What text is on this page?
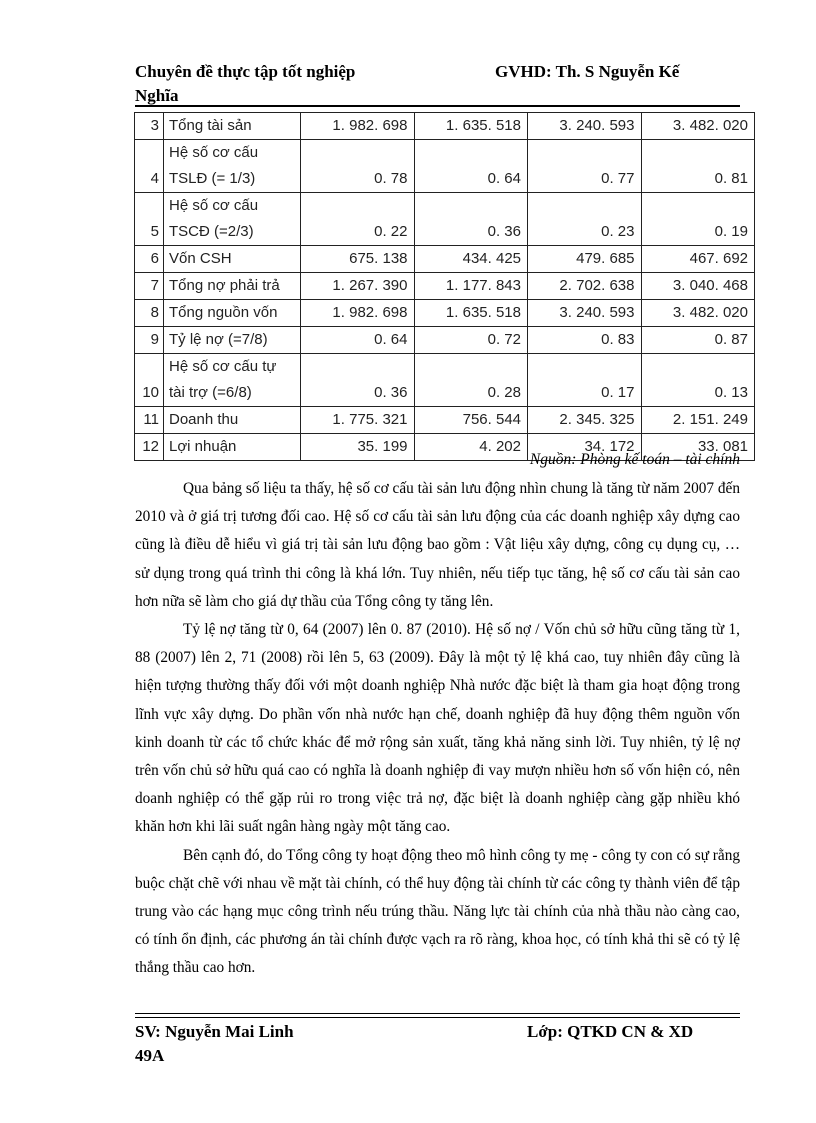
Chuyên đề thực tập tốt nghiệp	GVHD: Th. S Nguyễn Kế
Nghĩa
3	Tổng tài sản	1. 982. 698	1. 635. 518	3. 240. 593	3. 482. 020
4	Hệ số cơ cấu
TSLĐ (= 1/3)	0. 78	0. 64	0. 77	0. 81
5	Hệ số cơ cấu
TSCĐ (=2/3)	0. 22	0. 36	0. 23	0. 19
6	Vốn CSH	675. 138	434. 425	479. 685	467. 692
7	Tổng nợ phải trả	1. 267. 390	1. 177. 843	2. 702. 638	3. 040. 468
8	Tổng nguồn vốn	1. 982. 698	1. 635. 518	3. 240. 593	3. 482. 020
9	Tỷ lệ nợ (=7/8)	0. 64	0. 72	0. 83	0. 87
10	Hệ số cơ cấu tự
tài trợ (=6/8)	0. 36	0. 28	0. 17	0. 13
11	Doanh thu	1. 775. 321	756. 544	2. 345. 325	2. 151. 249
12	Lợi nhuận	35. 199	4. 202	34. 172	33. 081
Nguồn: Phòng kế toán – tài chính

Qua bảng số liệu ta thấy, hệ số cơ cấu tài sản lưu động nhìn chung là tăng từ năm 2007 đến 2010 và ở giá trị tương đối cao. Hệ số cơ cấu tài sản lưu động của các doanh nghiệp xây dựng cao cũng là điều dễ hiểu vì giá trị tài sản lưu động bao gồm : Vật liệu xây dựng, công cụ dụng cụ, … sử dụng trong quá trình thi công là khá lớn. Tuy nhiên, nếu tiếp tục tăng, hệ số cơ cấu tài sản cao hơn nữa sẽ làm cho giá dự thầu của Tổng công ty tăng lên.

Tỷ lệ nợ tăng từ 0, 64 (2007) lên 0. 87 (2010). Hệ số nợ / Vốn chủ sở hữu cũng tăng từ 1, 88 (2007) lên 2, 71 (2008) rồi lên 5, 63 (2009). Đây là một tỷ lệ khá cao, tuy nhiên đây cũng là hiện tượng thường thấy đối với một doanh nghiệp Nhà nước đặc biệt là tham gia hoạt động trong lĩnh vực xây dựng. Do phần vốn nhà nước hạn chế, doanh nghiệp đã huy động thêm nguồn vốn kinh doanh từ các tổ chức khác để mở rộng sản xuất, tăng khả năng sinh lời. Tuy nhiên, tỷ lệ nợ trên vốn chủ sở hữu quá cao có nghĩa là doanh nghiệp đi vay mượn nhiều hơn số vốn hiện có, nên doanh nghiệp có thể gặp rủi ro trong việc trả nợ, đặc biệt là doanh nghiệp càng gặp nhiều khó khăn hơn khi lãi suất ngân hàng ngày một tăng cao.

Bên cạnh đó, do Tổng công ty hoạt động theo mô hình công ty mẹ - công ty con có sự rằng buộc chặt chẽ với nhau về mặt tài chính, có thể huy động tài chính từ các công ty thành viên để tập trung vào các hạng mục công trình nếu trúng thầu. Năng lực tài chính của nhà thầu nào càng cao, có tính ổn định, các phương án tài chính được vạch ra rõ ràng, khoa học, có tính khả thi sẽ có tỷ lệ thắng thầu cao hơn.

SV: Nguyễn Mai Linh	Lớp: QTKD CN & XD
49A
